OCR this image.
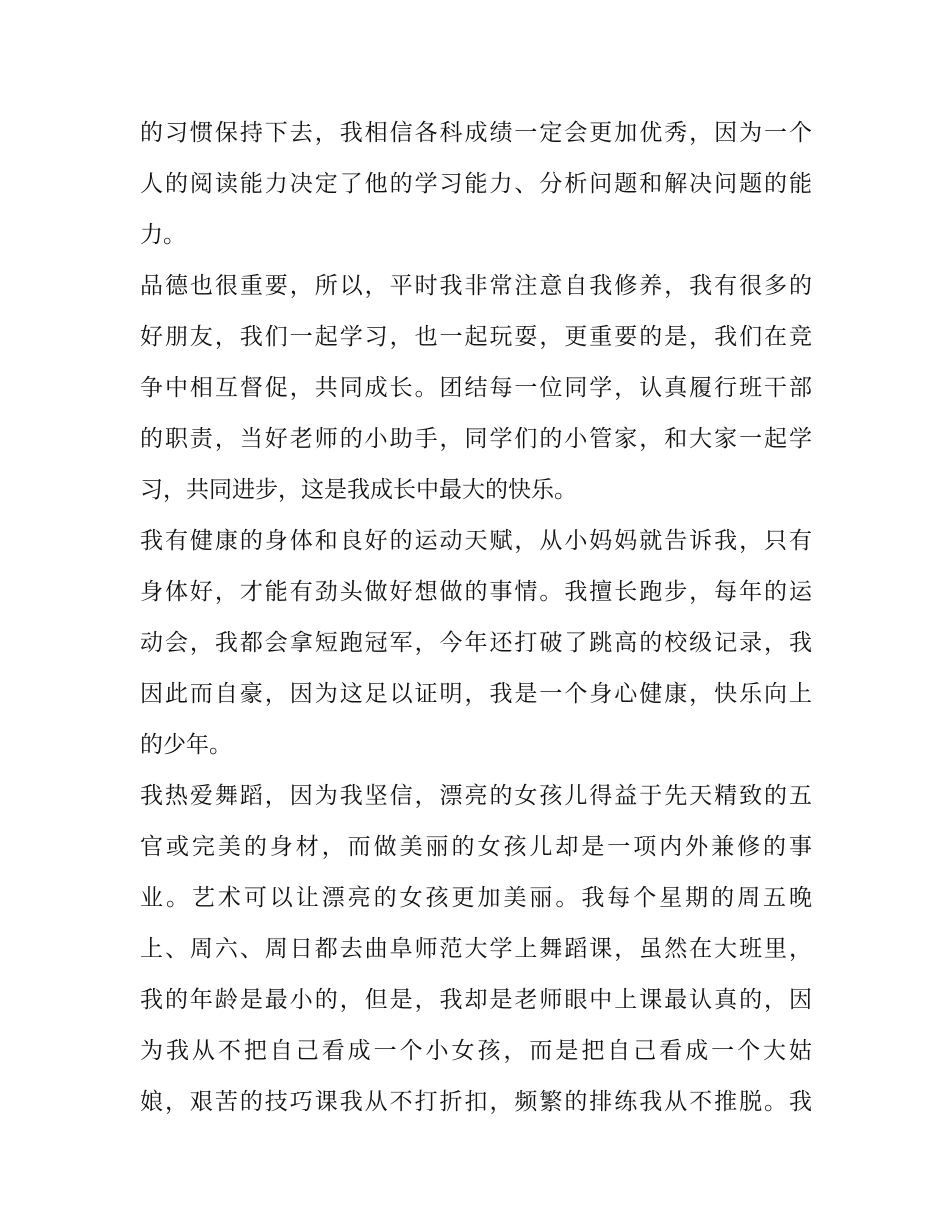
的习惯保持下去，我相信各科成绩一定会更加优秀，因为一个
人的阅读能力决定了他的学习能力、分析问题和解决问题的能
力。
品德也很重要，所以，平时我非常注意自我修养，我有很多的
好朋友，我们一起学习，也一起玩耍，更重要的是，我们在竞
争中相互督促，共同成长。团结每一位同学，认真履行班干部
的职责，当好老师的小助手，同学们的小管家，和大家一起学
习，共同进步，这是我成长中最大的快乐。
我有健康的身体和良好的运动天赋，从小妈妈就告诉我，只有
身体好，才能有劲头做好想做的事情。我擅长跑步，每年的运
动会，我都会拿短跑冠军，今年还打破了跳高的校级记录，我
因此而自豪，因为这足以证明，我是一个身心健康，快乐向上
的少年。
我热爱舞蹈，因为我坚信，漂亮的女孩儿得益于先天精致的五
官或完美的身材，而做美丽的女孩儿却是一项内外兼修的事
业。艺术可以让漂亮的女孩更加美丽。我每个星期的周五晚
上、周六、周日都去曲阜师范大学上舞蹈课，虽然在大班里，
我的年龄是最小的，但是，我却是老师眼中上课最认真的，因
为我从不把自己看成一个小女孩，而是把自己看成一个大姑
娘，艰苦的技巧课我从不打折扣，频繁的排练我从不推脱。我
